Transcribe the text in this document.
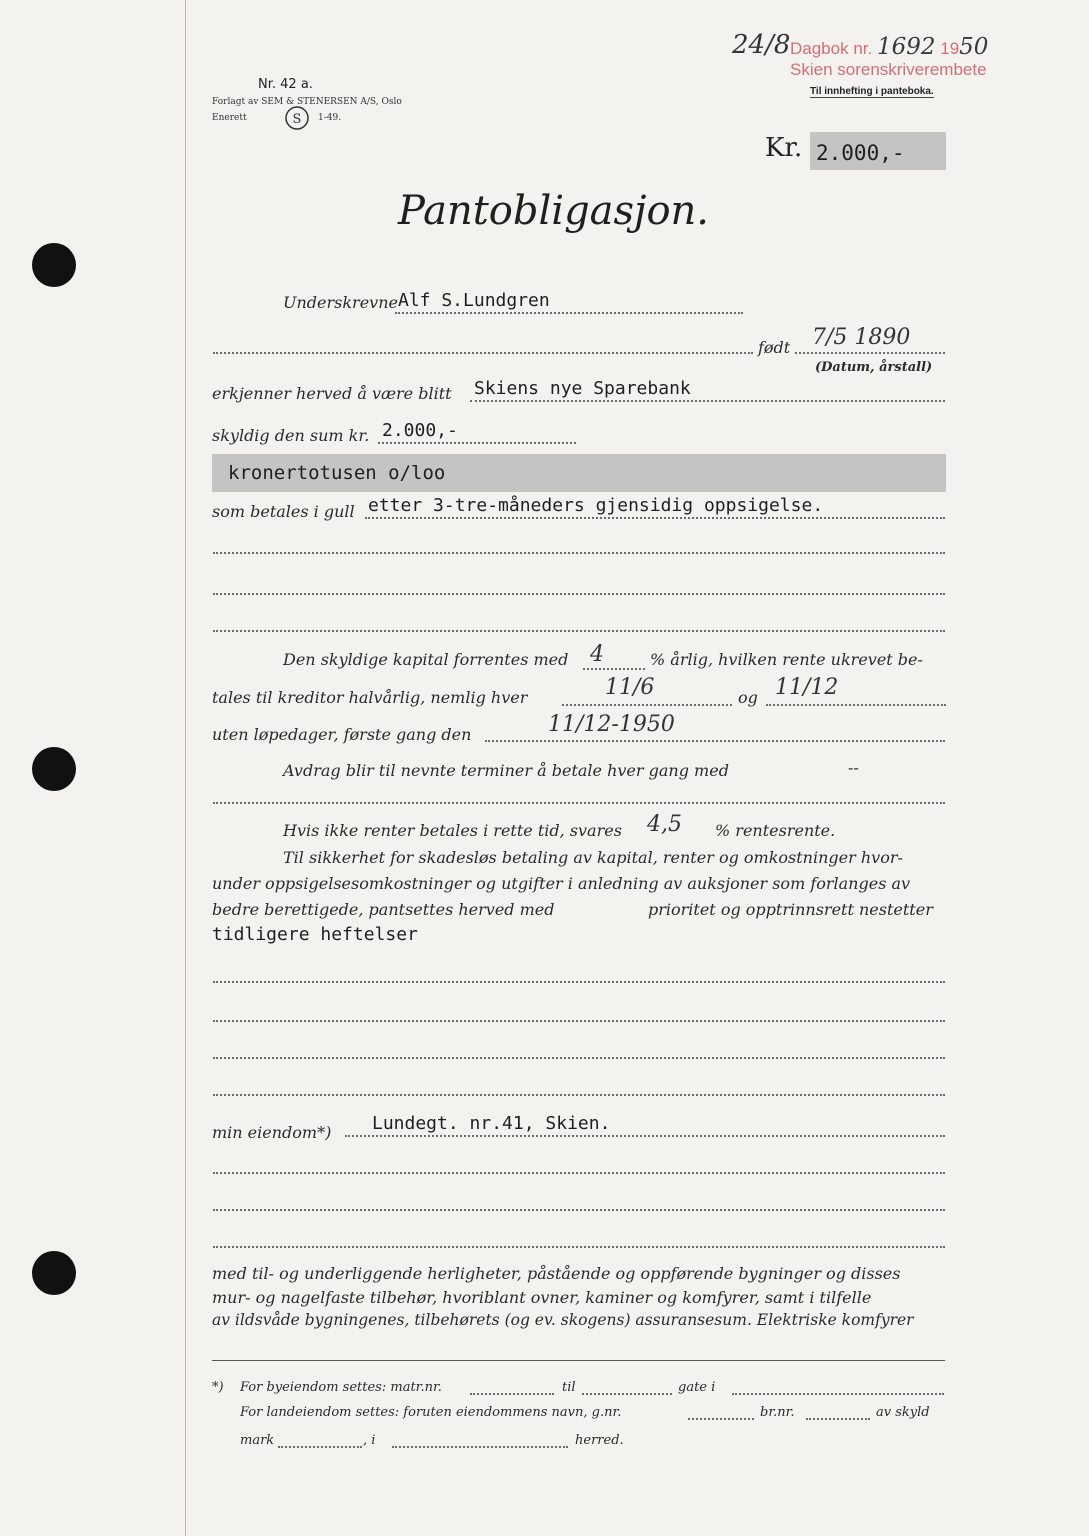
Nr. 42 a.
Forlagt av SEM & STENERSEN A/S, Oslo
Enerett	S 1-49.
24/8 Dagbok nr. 1692 1950
Skien sorenskriverembete
Til innhefting i panteboka.
Kr. 2.000,-
Pantobligasjon.
Underskrevne Alf S.Lundgren
født 7/5 1890
(Datum, årstall)
erkjenner herved å være blitt Skiens nye Sparebank
skyldig den sum kr. 2.000,-
kronertotusen o/loo
som betales i gull etter 3-tre-måneders gjensidig oppsigelse.
Den skyldige kapital forrentes med 4	% årlig, hvilken rente ukrevet be-
tales til kreditor halvårlig, nemlig hver	11/6	og 11/12
uten løpedager, første gang den	11/12-1950
Avdrag blir til nevnte terminer å betale hver gang med	--
Hvis ikke renter betales i rette tid, svares 4,5 % rentesrente.
Til sikkerhet for skadesløs betaling av kapital, renter og omkostninger hvor-
under oppsigelsesomkostninger og utgifter i anledning av auksjoner som forlanges av
bedre berettigede, pantsettes herved med	prioritet og opptrinnsrett nestetter
tidligere heftelser
min eiendom*) Lundegt. nr.41, Skien.
med til- og underliggende herligheter, påstående og oppførende bygninger og disses
mur- og nagelfaste tilbehør, hvoriblant ovner, kaminer og komfyrer, samt i tilfelle
av ildsvåde bygningenes, tilbehørets (og ev. skogens) assuransesum. Elektriske komfyrer
*) For byeiendom settes: matr.nr.	til	gate i
For landeiendom settes: foruten eiendommens navn, g.nr.	br.nr.	av skyld
mark	, i	herred.
